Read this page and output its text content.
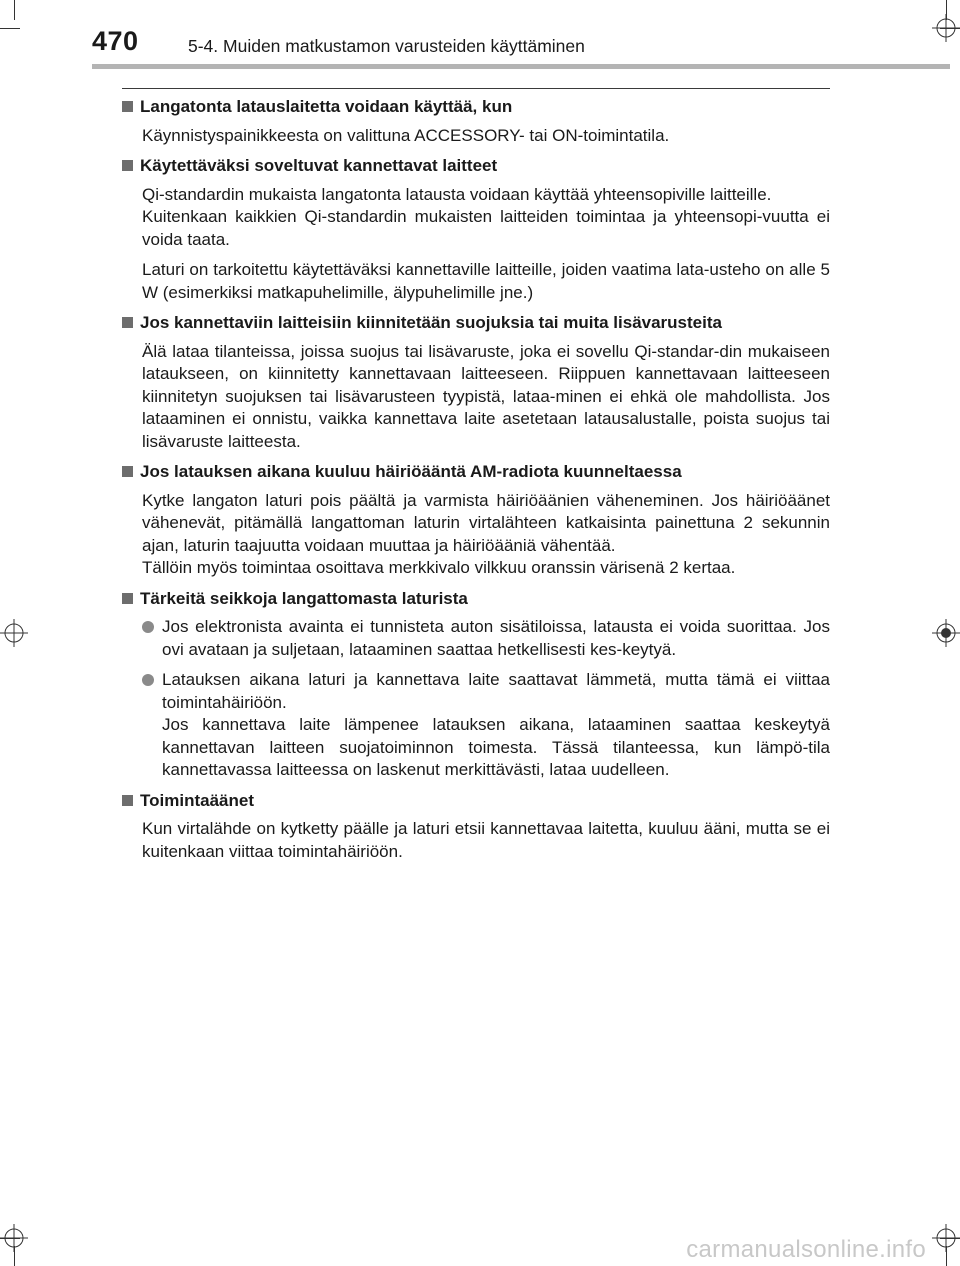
470	5-4. Muiden matkustamon varusteiden käyttäminen
Langatonta latauslaitetta voidaan käyttää, kun
Käynnistyspainikkeesta on valittuna ACCESSORY- tai ON-toimintatila.
Käytettäväksi soveltuvat kannettavat laitteet
Qi-standardin mukaista langatonta latausta voidaan käyttää yhteensopiville laitteille.
Kuitenkaan kaikkien Qi-standardin mukaisten laitteiden toimintaa ja yhteensopi-vuutta ei voida taata.
Laturi on tarkoitettu käytettäväksi kannettaville laitteille, joiden vaatima lata-usteho on alle 5 W (esimerkiksi matkapuhelimille, älypuhelimille jne.)
Jos kannettaviin laitteisiin kiinnitetään suojuksia tai muita lisävarusteita
Älä lataa tilanteissa, joissa suojus tai lisävaruste, joka ei sovellu Qi-standar-din mukaiseen lataukseen, on kiinnitetty kannettavaan laitteeseen. Riippuen kannettavaan laitteeseen kiinnitetyn suojuksen tai lisävarusteen tyypistä, lataa-minen ei ehkä ole mahdollista. Jos lataaminen ei onnistu, vaikka kannettava laite asetetaan latausalustalle, poista suojus tai lisävaruste laitteesta.
Jos latauksen aikana kuuluu häiriöääntä AM-radiota kuunneltaessa
Kytke langaton laturi pois päältä ja varmista häiriöäänien väheneminen. Jos häiriöäänet vähenevät, pitämällä langattoman laturin virtalähteen katkaisinta painettuna 2 sekunnin ajan, laturin taajuutta voidaan muuttaa ja häiriöääniä vähentää.
Tällöin myös toimintaa osoittava merkkivalo vilkkuu oranssin värisenä 2 kertaa.
Tärkeitä seikkoja langattomasta laturista
Jos elektronista avainta ei tunnisteta auton sisätiloissa, latausta ei voida suorittaa. Jos ovi avataan ja suljetaan, lataaminen saattaa hetkellisesti kes-keytyä.
Latauksen aikana laturi ja kannettava laite saattavat lämmetä, mutta tämä ei viittaa toimintahäiriöön.
Jos kannettava laite lämpenee latauksen aikana, lataaminen saattaa keskeytyä kannettavan laitteen suojatoiminnon toimesta. Tässä tilanteessa, kun lämpö-tila kannettavassa laitteessa on laskenut merkittävästi, lataa uudelleen.
Toimintaäänet
Kun virtalähde on kytketty päälle ja laturi etsii kannettavaa laitetta, kuuluu ääni, mutta se ei kuitenkaan viittaa toimintahäiriöön.
carmanualsonline.info
